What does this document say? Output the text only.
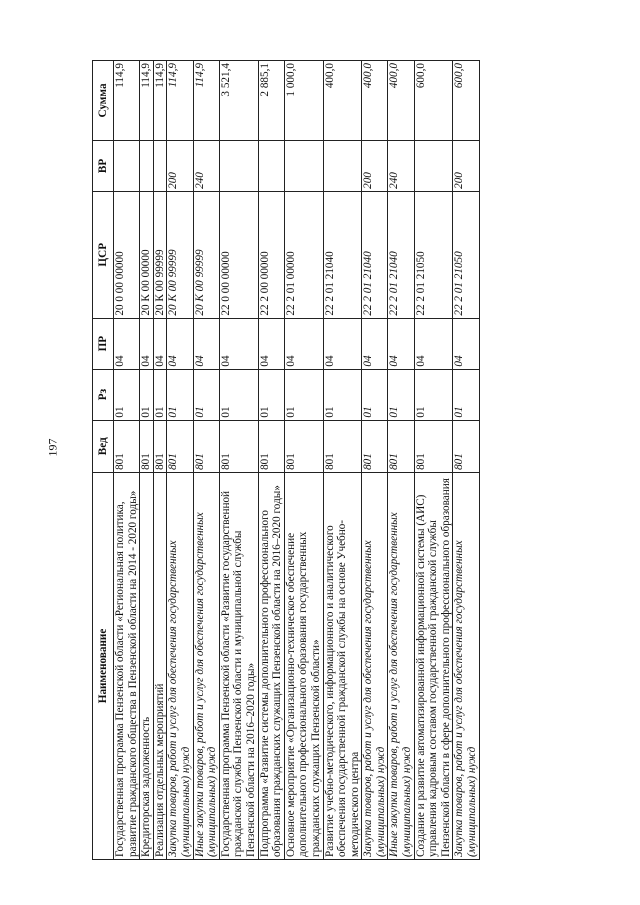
197
Наименование	Вед	Рз	ПР	ЦСР	ВР	Сумма
Государственная программа Пензенской области «Региональная политика, развитие гражданского общества в Пензенской области на 2014 - 2020 годы»	801	01	04	20 0 00 00000		114,9
Кредиторская задолженность	801	01	04	20 К 00 00000		114,9
Реализация отдельных мероприятий	801	01	04	20 К 00 99999		114,9
Закупка товаров, работ и услуг для обеспечения государственных (муниципальных) нужд	801	01	04	20 К 00 99999	200	114,9
Иные закупки товаров, работ и услуг для обеспечения государственных (муниципальных) нужд	801	01	04	20 К 00 99999	240	114,9
Государственная программа Пензенской области «Развитие государственной гражданской службы Пензенской области и муниципальной службы Пензенской области на 2016–2020 годы»	801	01	04	22 0 00 00000		3 521,4
Подпрограмма «Развитие системы дополнительного профессионального образования гражданских служащих Пензенской области на 2016–2020 годы»	801	01	04	22 2 00 00000		2 885,1
Основное мероприятие «Организационно-техническое обеспечение дополнительного профессионального образования государственных гражданских служащих Пензенской области»	801	01	04	22 2 01 00000		1 000,0
Развитие учебно-методического, информационного и аналитического обеспечения государственной гражданской службы на основе Учебно-методического центра	801	01	04	22 2 01 21040		400,0
Закупка товаров, работ и услуг для обеспечения государственных (муниципальных) нужд	801	01	04	22 2 01 21040	200	400,0
Иные закупки товаров, работ и услуг для обеспечения государственных (муниципальных) нужд	801	01	04	22 2 01 21040	240	400,0
Создание и развитие автоматизированной информационной системы (АИС) управления кадровым составом государственной гражданской службы Пензенской области в сфере дополнительного профессионального образования	801	01	04	22 2 01 21050		600,0
Закупка товаров, работ и услуг для обеспечения государственных (муниципальных) нужд	801	01	04	22 2 01 21050	200	600,0
